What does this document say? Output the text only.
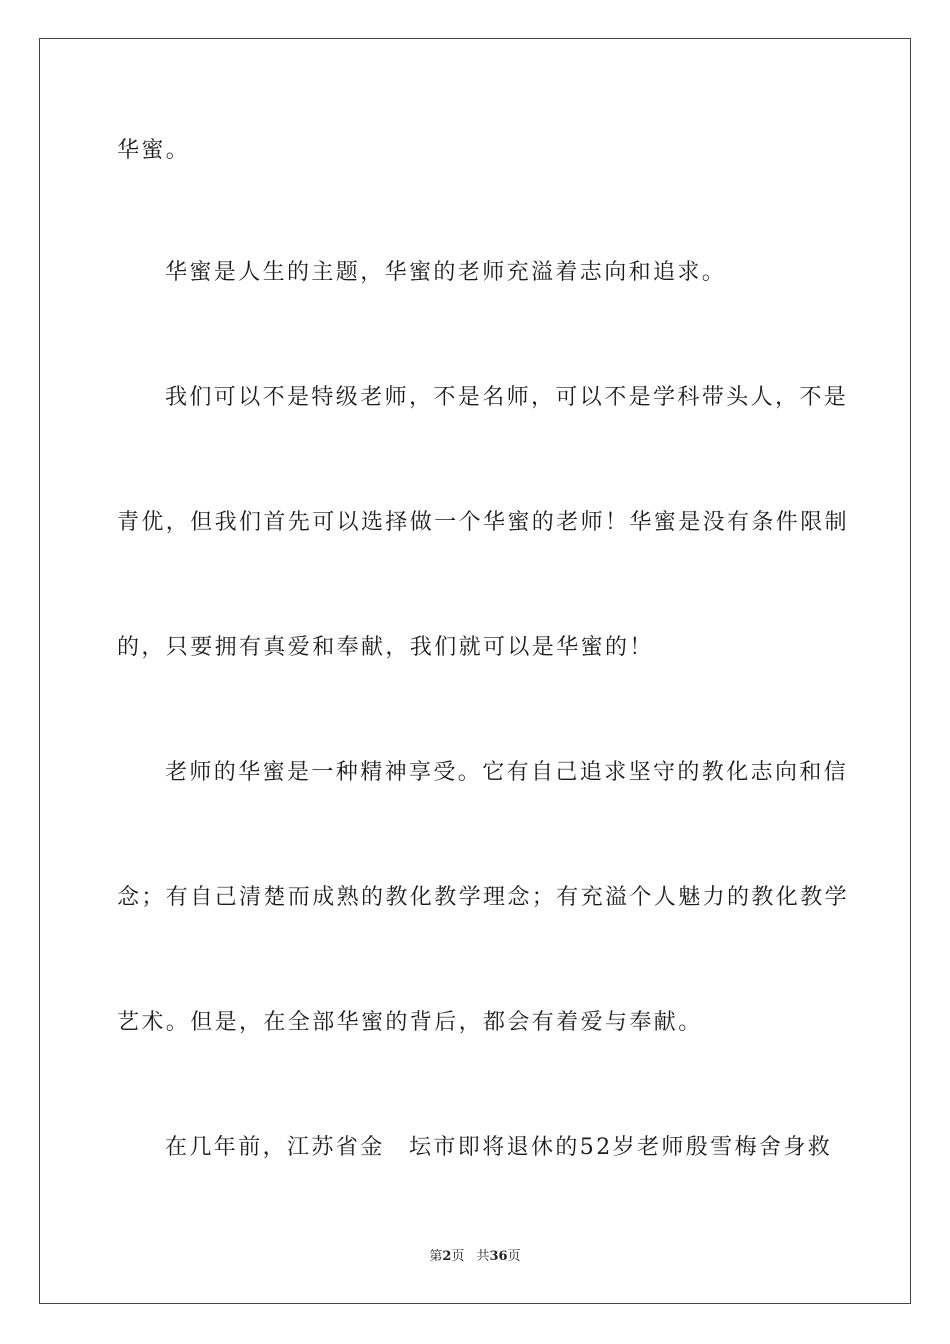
华蜜。

华蜜是人生的主题，华蜜的老师充溢着志向和追求。

我们可以不是特级老师，不是名师，可以不是学科带头人，不是

青优，但我们首先可以选择做一个华蜜的老师！华蜜是没有条件限制

的，只要拥有真爱和奉献，我们就可以是华蜜的！

老师的华蜜是一种精神享受。它有自己追求坚守的教化志向和信

念；有自己清楚而成熟的教化教学理念；有充溢个人魅力的教化教学

艺术。但是，在全部华蜜的背后，都会有着爱与奉献。

在几年前，江苏省金　坛市即将退休的52岁老师殷雪梅舍身救

第2页 共36页
